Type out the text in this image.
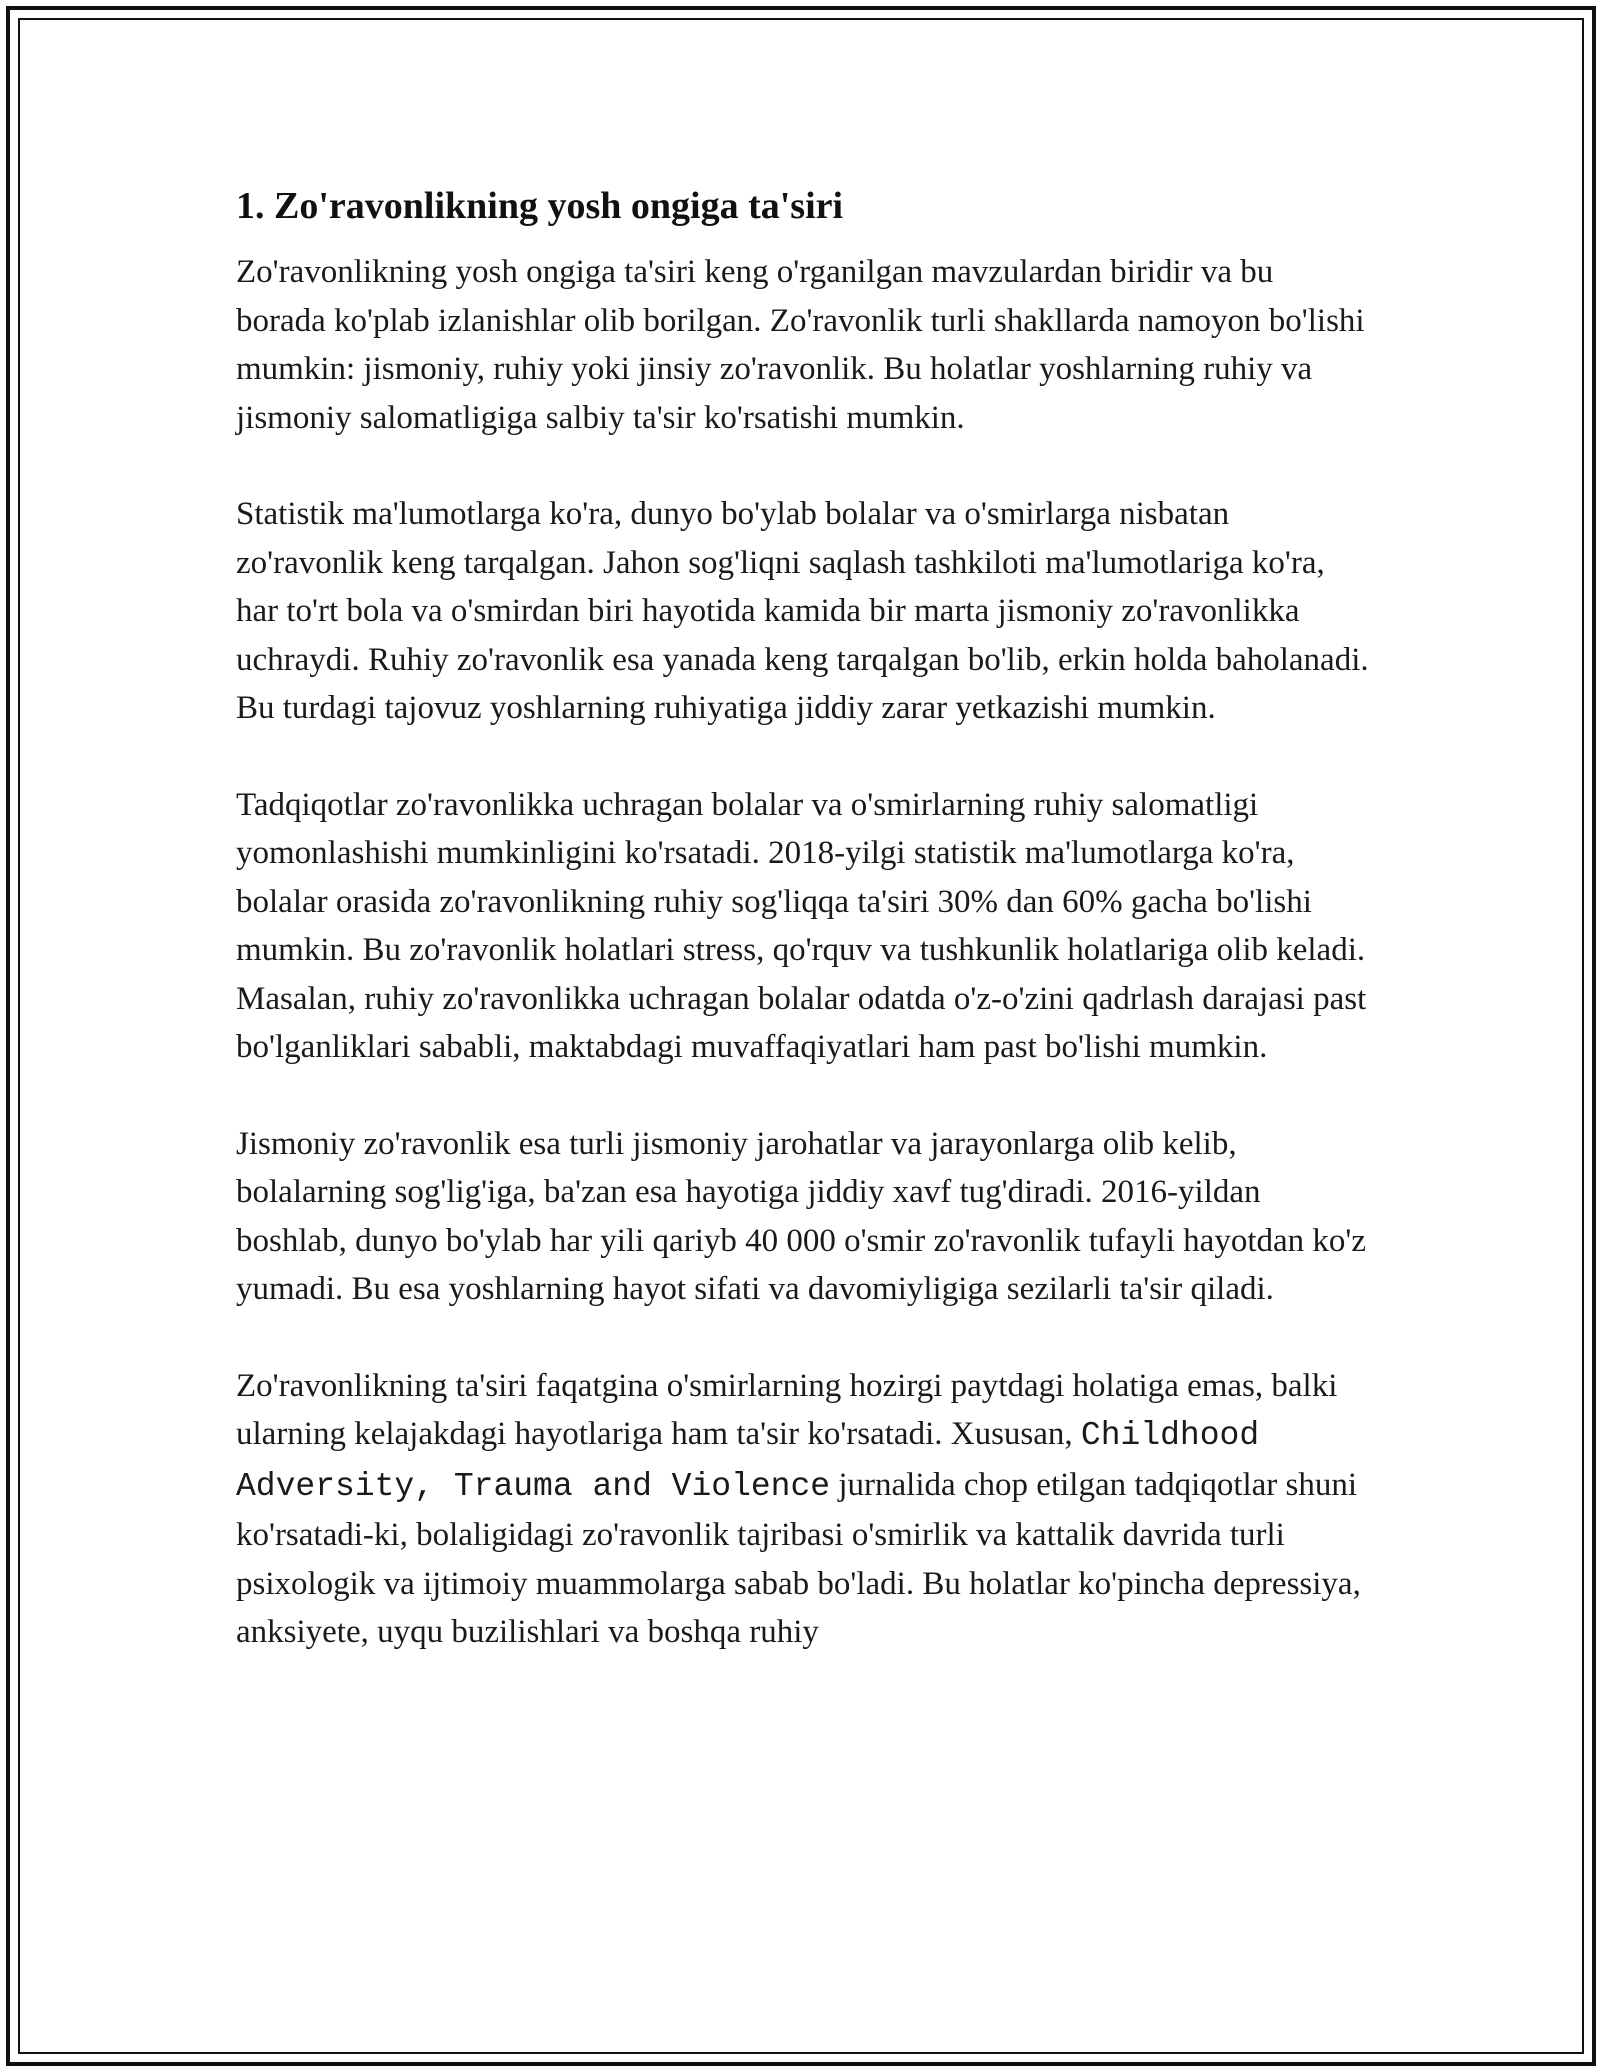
1. Zo'ravonlikning yosh ongiga ta'siri

Zo'ravonlikning yosh ongiga ta'siri keng o'rganilgan mavzulardan biridir va bu borada ko'plab izlanishlar olib borilgan. Zo'ravonlik turli shakllarda namoyon bo'lishi mumkin: jismoniy, ruhiy yoki jinsiy zo'ravonlik. Bu holatlar yoshlarning ruhiy va jismoniy salomatligiga salbiy ta'sir ko'rsatishi mumkin.

Statistik ma'lumotlarga ko'ra, dunyo bo'ylab bolalar va o'smirlarga nisbatan zo'ravonlik keng tarqalgan. Jahon sog'liqni saqlash tashkiloti ma'lumotlariga ko'ra, har to'rt bola va o'smirdan biri hayotida kamida bir marta jismoniy zo'ravonlikka uchraydi. Ruhiy zo'ravonlik esa yanada keng tarqalgan bo'lib, erkin holda baholanadi. Bu turdagi tajovuz yoshlarning ruhiyatiga jiddiy zarar yetkazishi mumkin.

Tadqiqotlar zo'ravonlikka uchragan bolalar va o'smirlarning ruhiy salomatligi yomonlashishi mumkinligini ko'rsatadi. 2018-yilgi statistik ma'lumotlarga ko'ra, bolalar orasida zo'ravonlikning ruhiy sog'liqqa ta'siri 30% dan 60% gacha bo'lishi mumkin. Bu zo'ravonlik holatlari stress, qo'rquv va tushkunlik holatlariga olib keladi. Masalan, ruhiy zo'ravonlikka uchragan bolalar odatda o'z-o'zini qadrlash darajasi past bo'lganliklari sababli, maktabdagi muvaffaqiyatlari ham past bo'lishi mumkin.

Jismoniy zo'ravonlik esa turli jismoniy jarohatlar va jarayonlarga olib kelib, bolalarning sog'lig'iga, ba'zan esa hayotiga jiddiy xavf tug'diradi. 2016-yildan boshlab, dunyo bo'ylab har yili qariyb 40 000 o'smir zo'ravonlik tufayli hayotdan ko'z yumadi. Bu esa yoshlarning hayot sifati va davomiyligiga sezilarli ta'sir qiladi.

Zo'ravonlikning ta'siri faqatgina o'smirlarning hozirgi paytdagi holatiga emas, balki ularning kelajakdagi hayotlariga ham ta'sir ko'rsatadi. Xususan, Childhood Adversity, Trauma and Violence jurnalida chop etilgan tadqiqotlar shuni ko'rsatadi-ki, bolaligidagi zo'ravonlik tajribasi o'smirlik va kattalik davrida turli psixologik va ijtimoiy muammolarga sabab bo'ladi. Bu holatlar ko'pincha depressiya, anksiyete, uyqu buzilishlari va boshqa ruhiy
